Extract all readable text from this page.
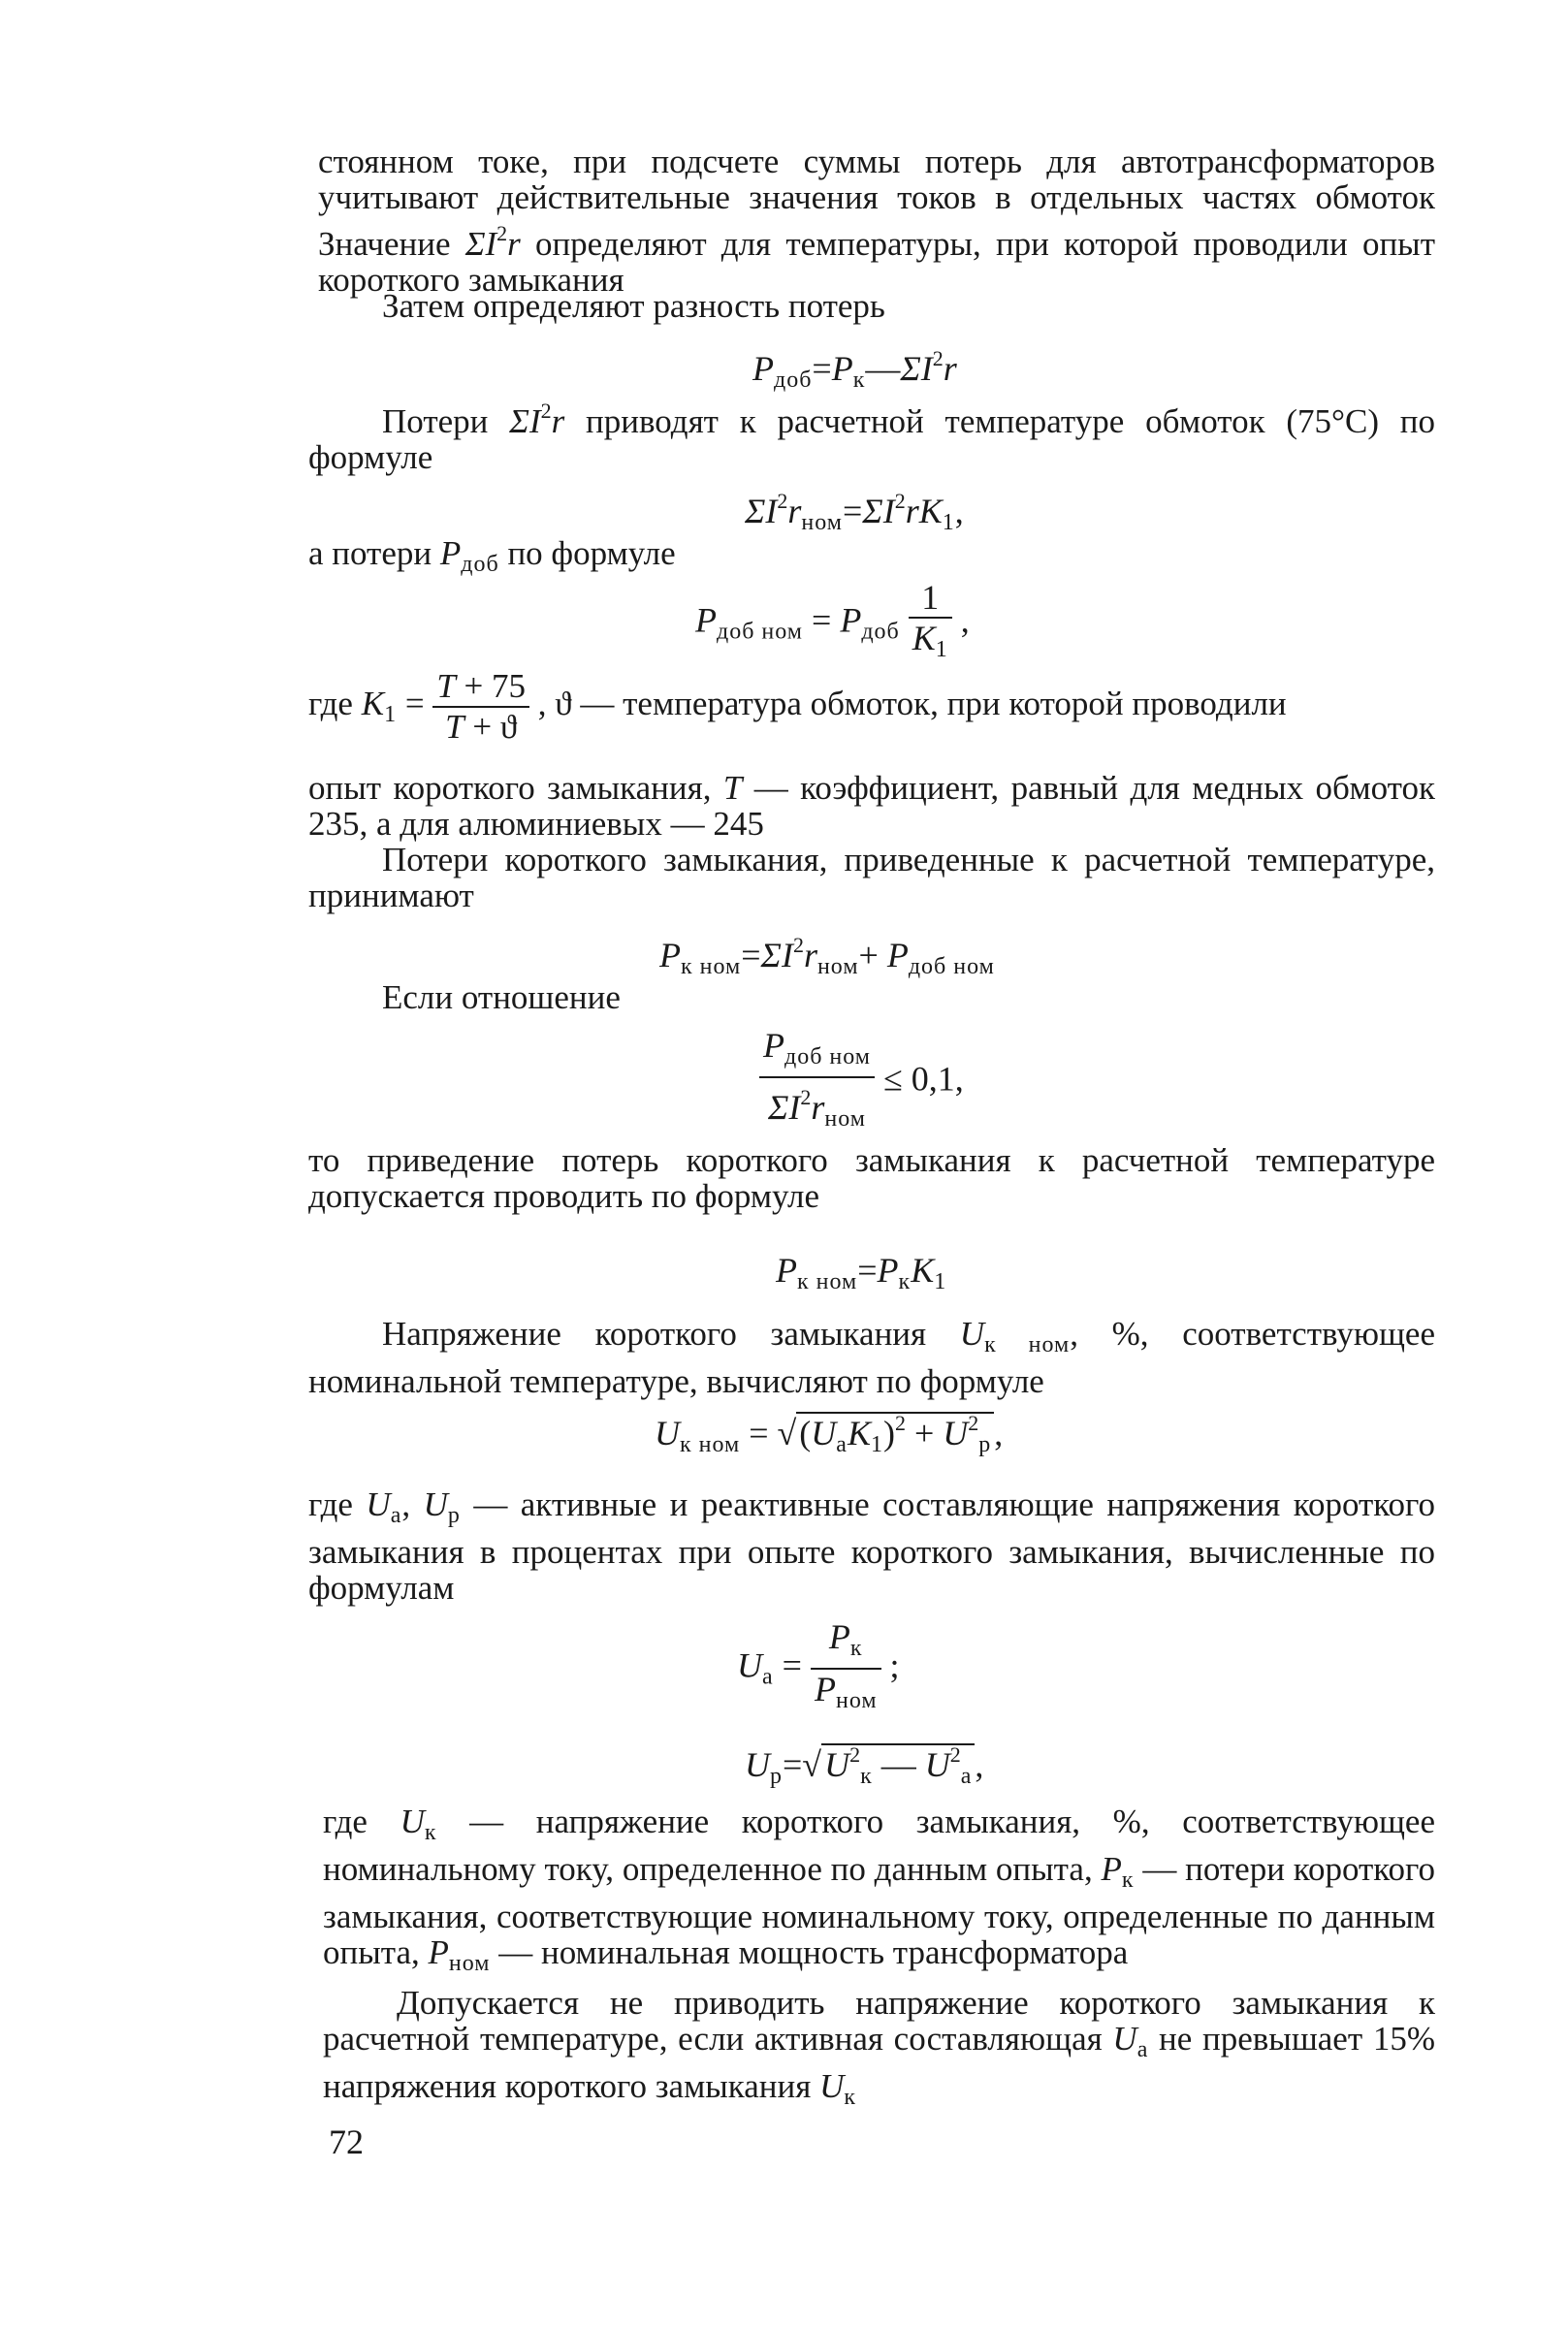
стоянном токе, при подсчете суммы потерь для автотрансформаторов учитывают действительные значения токов в отдельных частях обмоток Значение $\Sigma I^2r$ определяют для температуры, при которой проводили опыт короткого замыкания

Затем определяют разность потерь

$P_{доб}=P_к—\Sigma I^2r$

Потери $\Sigma I^2r$ приводят к расчетной температуре обмоток (75°С) по формуле

$\Sigma I^2r_{ном}=\Sigma I^2rK_1$,

а потери $P_{доб}$ по формуле

$P_{доб ном} = P_{доб} \frac{1}{K_1}$ ,
где $K_1 = \frac{T + 75}{T + ϑ}$ , ϑ — температура обмоток, при которой проводили

опыт короткого замыкания, T — коэффициент, равный для медных обмоток 235, а для алюминиевых — 245

Потери короткого замыкания, приведенные к расчетной температуре, принимают

$P_{к ном}=\Sigma I^2r_{ном}+ P_{доб ном}$

Если отношение

$\frac{P_{доб ном}}{\Sigma I^2r_{ном}} \le 0,1$,

то приведение потерь короткого замыкания к расчетной температуре допускается проводить по формуле

$P_{к ном}=P_кK_1$

Напряжение короткого замыкания $U_{к ном}$, %, соответствующее номинальной температуре, вычисляют по формуле

$U_{к ном} = √(U_aK_1)^2 + U^2_р$,

где $U_а$, $U_р$ — активные и реактивные составляющие напряжения короткого замыкания в процентах при опыте короткого замыкания, вычисленные по формулам

$U_a = \frac{P_к}{P_{ном}}$ ;
$U_р=√U^2_к$ — $U^2_а$,

где $U_к$ — напряжение короткого замыкания, %, соответствующее номинальному току, определенное по данным опыта, $P_к$ — потери короткого замыкания, соответствующие номинальному току, определенные по данным опыта, $P_{ном}$ — номинальная мощность трансформатора

Допускается не приводить напряжение короткого замыкания к расчетной температуре, если активная составляющая $U_а$ не превышает 15% напряжения короткого замыкания $U_к$

72
